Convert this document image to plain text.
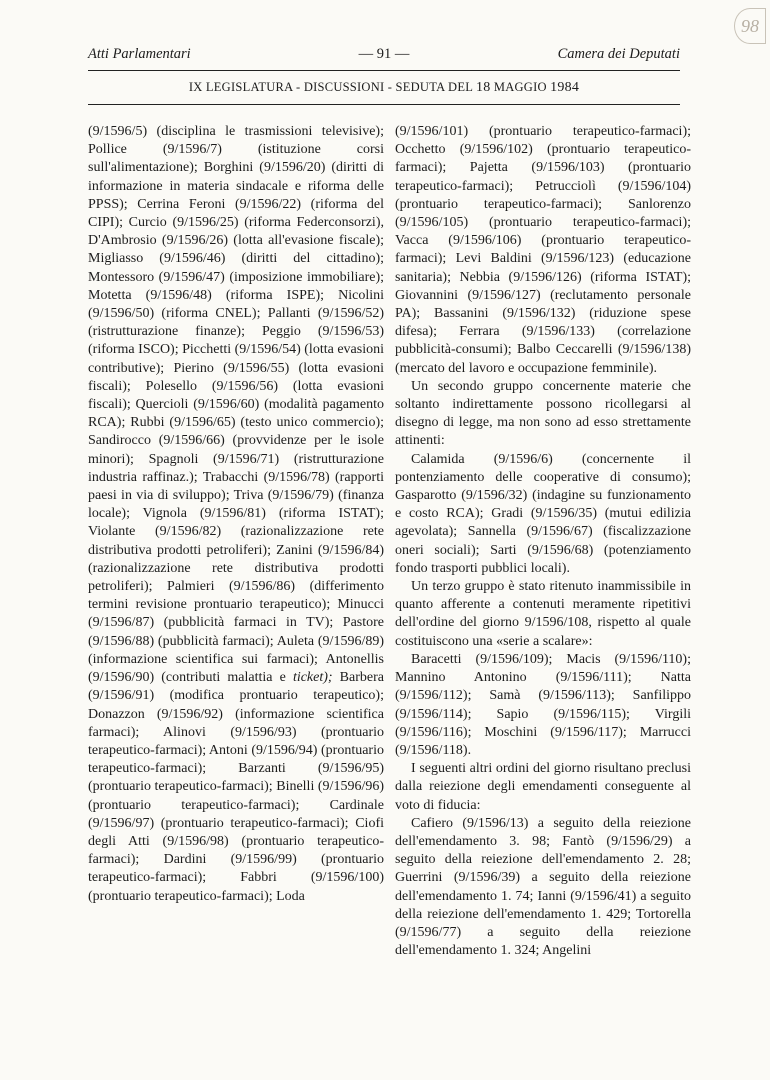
98
Atti Parlamentari	— 91 —	Camera dei Deputati
IX LEGISLATURA - DISCUSSIONI - SEDUTA DEL 18 MAGGIO 1984

(9/1596/5) (disciplina le trasmissioni televisive); Pollice (9/1596/7) (istituzione corsi sull'alimentazione); Borghini (9/1596/20) (diritti di informazione in materia sindacale e riforma delle PPSS); Cerrina Feroni (9/1596/22) (riforma del CIPI); Curcio (9/1596/25) (riforma Federconsorzi), D'Ambrosio (9/1596/26) (lotta all'evasione fiscale); Migliasso (9/1596/46) (diritti del cittadino); Montessoro (9/1596/47) (imposizione immobiliare); Motetta (9/1596/48) (riforma ISPE); Nicolini (9/1596/50) (riforma CNEL); Pallanti (9/1596/52) (ristrutturazione finanze); Peggio (9/1596/53) (riforma ISCO); Picchetti (9/1596/54) (lotta evasioni contributive); Pierino (9/1596/55) (lotta evasioni fiscali); Polesello (9/1596/56) (lotta evasioni fiscali); Quercioli (9/1596/60) (modalità pagamento RCA); Rubbi (9/1596/65) (testo unico commercio); Sandirocco (9/1596/66) (provvidenze per le isole minori); Spagnoli (9/1596/71) (ristrutturazione industria raffinaz.); Trabacchi (9/1596/78) (rapporti paesi in via di sviluppo); Triva (9/1596/79) (finanza locale); Vignola (9/1596/81) (riforma ISTAT); Violante (9/1596/82) (razionalizzazione rete distributiva prodotti petroliferi); Zanini (9/1596/84) (razionalizzazione rete distributiva prodotti petroliferi); Palmieri (9/1596/86) (differimento termini revisione prontuario terapeutico); Minucci (9/1596/87) (pubblicità farmaci in TV); Pastore (9/1596/88) (pubblicità farmaci); Auleta (9/1596/89) (informazione scientifica sui farmaci); Antonellis (9/1596/90) (contributi malattia e ticket); Barbera (9/1596/91) (modifica prontuario terapeutico); Donazzon (9/1596/92) (informazione scientifica farmaci); Alinovi (9/1596/93) (prontuario terapeutico-farmaci); Antoni (9/1596/94) (prontuario terapeutico-farmaci); Barzanti (9/1596/95) (prontuario terapeutico-farmaci); Binelli (9/1596/96) (prontuario terapeutico-farmaci); Cardinale (9/1596/97) (prontuario terapeutico-farmaci); Ciofi degli Atti (9/1596/98) (prontuario terapeutico-farmaci); Dardini (9/1596/99) (prontuario terapeutico-farmaci); Fabbri (9/1596/100) (prontuario terapeutico-farmaci); Loda

(9/1596/101) (prontuario terapeutico-farmaci); Occhetto (9/1596/102) (prontuario terapeutico-farmaci); Pajetta (9/1596/103) (prontuario terapeutico-farmaci); Petrucciolì (9/1596/104) (prontuario terapeutico-farmaci); Sanlorenzo (9/1596/105) (prontuario terapeutico-farmaci); Vacca (9/1596/106) (prontuario terapeutico-farmaci); Levi Baldini (9/1596/123) (educazione sanitaria); Nebbia (9/1596/126) (riforma ISTAT); Giovannini (9/1596/127) (reclutamento personale PA); Bassanini (9/1596/132) (riduzione spese difesa); Ferrara (9/1596/133) (correlazione pubblicità-consumi); Balbo Ceccarelli (9/1596/138) (mercato del lavoro e occupazione femminile).

Un secondo gruppo concernente materie che soltanto indirettamente possono ricollegarsi al disegno di legge, ma non sono ad esso strettamente attinenti:

Calamida (9/1596/6) (concernente il pontenziamento delle cooperative di consumo); Gasparotto (9/1596/32) (indagine su funzionamento e costo RCA); Gradi (9/1596/35) (mutui edilizia agevolata); Sannella (9/1596/67) (fiscalizzazione oneri sociali); Sarti (9/1596/68) (potenziamento fondo trasporti pubblici locali).

Un terzo gruppo è stato ritenuto inammissibile in quanto afferente a contenuti meramente ripetitivi dell'ordine del giorno 9/1596/108, rispetto al quale costituiscono una «serie a scalare»:

Baracetti (9/1596/109); Macis (9/1596/110); Mannino Antonino (9/1596/111); Natta (9/1596/112); Samà (9/1596/113); Sanfilippo (9/1596/114); Sapio (9/1596/115); Virgili (9/1596/116); Moschini (9/1596/117); Marrucci (9/1596/118).

I seguenti altri ordini del giorno risultano preclusi dalla reiezione degli emendamenti conseguente al voto di fiducia:

Cafiero (9/1596/13) a seguito della reiezione dell'emendamento 3. 98; Fantò (9/1596/29) a seguito della reiezione dell'emendamento 2. 28; Guerrini (9/1596/39) a seguito della reiezione dell'emendamento 1. 74; Ianni (9/1596/41) a seguito della reiezione dell'emendamento 1. 429; Tortorella (9/1596/77) a seguito della reiezione dell'emendamento 1. 324; Angelini
